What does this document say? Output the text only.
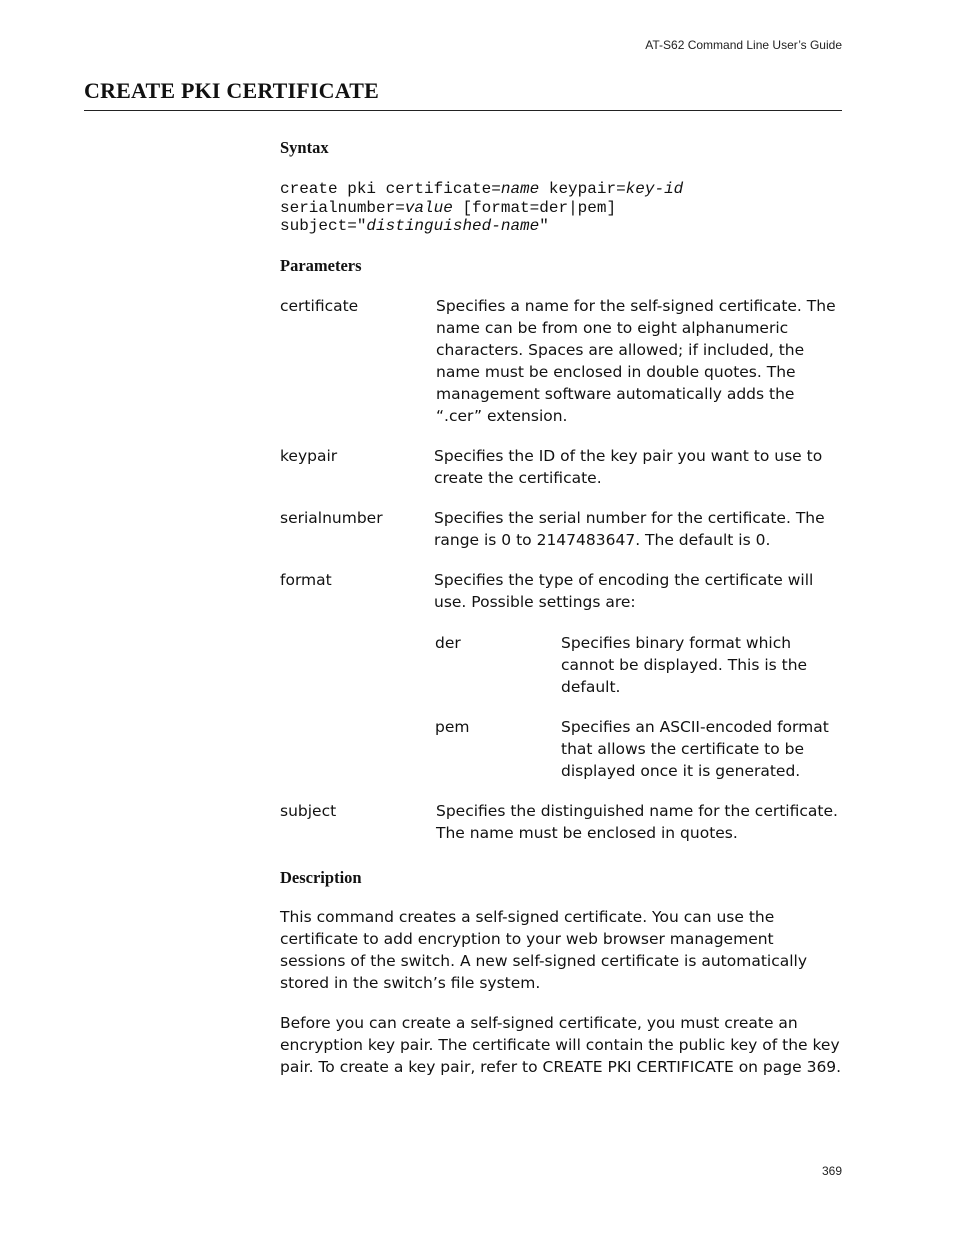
AT-S62 Command Line User’s Guide
CREATE PKI CERTIFICATE
Syntax
create pki certificate=name keypair=key-id
serialnumber=value [format=der|pem]
subject="distinguished-name"
Parameters
certificate	Specifies a name for the self-signed certificate. The name can be from one to eight alphanumeric characters. Spaces are allowed; if included, the name must be enclosed in double quotes. The management software automatically adds the “.cer” extension.
keypair	Specifies the ID of the key pair you want to use to create the certificate.
serialnumber	Specifies the serial number for the certificate. The range is 0 to 2147483647. The default is 0.
format	Specifies the type of encoding the certificate will use. Possible settings are:
der	Specifies binary format which cannot be displayed. This is the default.
pem	Specifies an ASCII-encoded format that allows the certificate to be displayed once it is generated.
subject	Specifies the distinguished name for the certificate. The name must be enclosed in quotes.
Description

This command creates a self-signed certificate. You can use the certificate to add encryption to your web browser management sessions of the switch. A new self-signed certificate is automatically stored in the switch’s file system.

Before you can create a self-signed certificate, you must create an encryption key pair. The certificate will contain the public key of the key pair. To create a key pair, refer to CREATE PKI CERTIFICATE on page 369.

369
